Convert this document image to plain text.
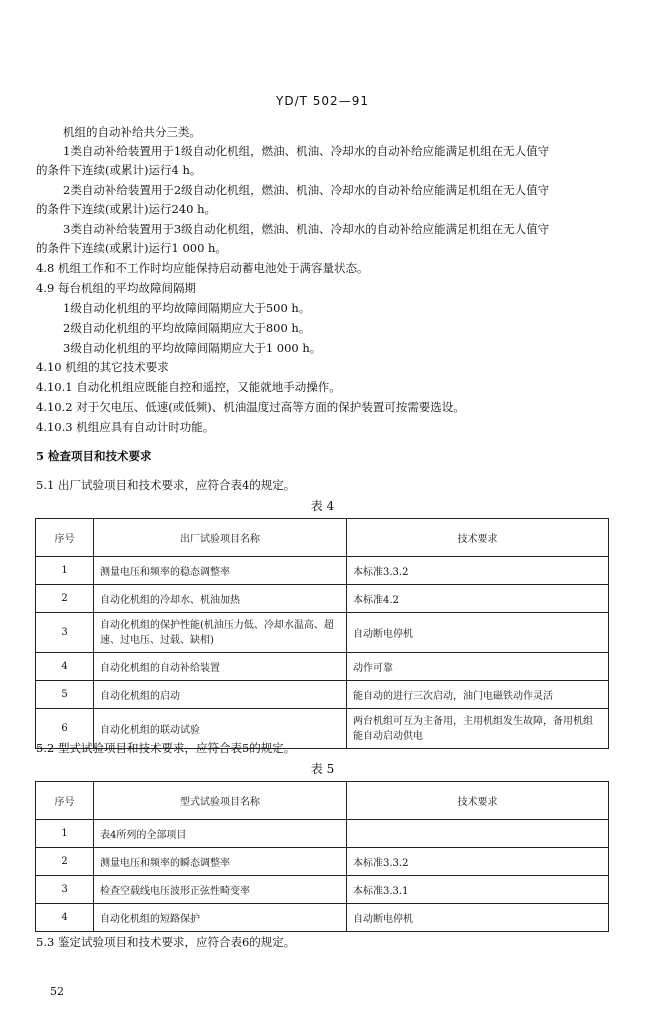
YD/T 502—91
机组的自动补给共分三类。
1类自动补给装置用于1级自动化机组，燃油、机油、冷却水的自动补给应能满足机组在无人值守
的条件下连续(或累计)运行4 h。
2类自动补给装置用于2级自动化机组，燃油、机油、冷却水的自动补给应能满足机组在无人值守
的条件下连续(或累计)运行240 h。
3类自动补给装置用于3级自动化机组，燃油、机油、冷却水的自动补给应能满足机组在无人值守
的条件下连续(或累计)运行1 000 h。
4.8 机组工作和不工作时均应能保持启动蓄电池处于满容量状态。
4.9 每台机组的平均故障间隔期
1级自动化机组的平均故障间隔期应大于500 h。
2级自动化机组的平均故障间隔期应大于800 h。
3级自动化机组的平均故障间隔期应大于1 000 h。
4.10 机组的其它技术要求
4.10.1 自动化机组应既能自控和遥控，又能就地手动操作。
4.10.2 对于欠电压、低速(或低频)、机油温度过高等方面的保护装置可按需要选设。
4.10.3 机组应具有自动计时功能。
5 检查项目和技术要求
5.1 出厂试验项目和技术要求，应符合表4的规定。
表 4
序号	出厂试验项目名称	技术要求
1	测量电压和频率的稳态调整率	本标准3.3.2
2	自动化机组的冷却水、机油加热	本标准4.2
3	自动化机组的保护性能(机油压力低、冷却水温高、超速、过电压、过载、缺相)	自动断电停机
4	自动化机组的自动补给装置	动作可靠
5	自动化机组的启动	能自动的进行三次启动，油门电磁铁动作灵活
6	自动化机组的联动试验	两台机组可互为主备用，主用机组发生故障，备用机组能自动启动供电
5.2 型式试验项目和技术要求，应符合表5的规定。
表 5
序号	型式试验项目名称	技术要求
1	表4所列的全部项目	
2	测量电压和频率的瞬态调整率	本标准3.3.2
3	检查空载线电压波形正弦性畸变率	本标准3.3.1
4	自动化机组的短路保护	自动断电停机
5.3 鉴定试验项目和技术要求，应符合表6的规定。
52
